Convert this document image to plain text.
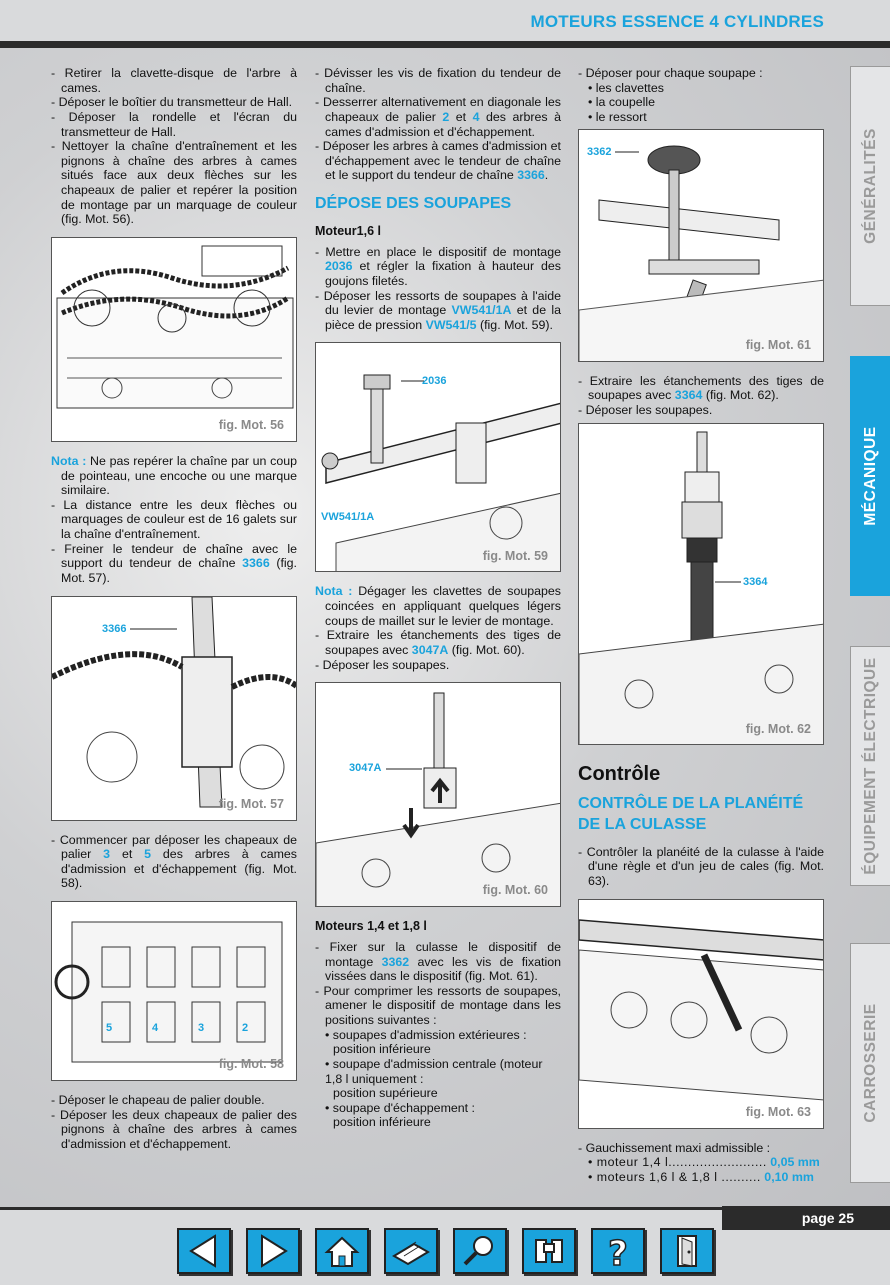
MOTEURS ESSENCE 4 CYLINDRES
GÉNÉRALITÉS
MÉCANIQUE
ÉQUIPEMENT ÉLECTRIQUE
CARROSSERIE

- Retirer la clavette-disque de l'arbre à cames.

- Déposer le boîtier du transmetteur de Hall.

- Déposer la rondelle et l'écran du transmetteur de Hall.

- Nettoyer la chaîne d'entraînement et les pignons à chaîne des arbres à cames situés face aux deux flèches sur les chapeaux de palier et repérer la position de montage par un marquage de couleur (fig. Mot. 56).

fig. Mot. 56

Nota : Ne pas repérer la chaîne par un coup de pointeau, une encoche ou une marque similaire.

- La distance entre les deux flèches ou marquages de couleur est de 16 galets sur la chaîne d'entraînement.

- Freiner le tendeur de chaîne avec le support du tendeur de chaîne 3366 (fig. Mot. 57).

3366
fig. Mot. 57

- Commencer par déposer les chapeaux de palier 3 et 5 des arbres à cames d'admission et d'échappement (fig. Mot. 58).

5	4	3	2
fig. Mot. 58

- Déposer le chapeau de palier double.

- Déposer les deux chapeaux de palier des pignons à chaîne des arbres à cames d'admission et d'échappement.

- Dévisser les vis de fixation du tendeur de chaîne.

- Desserrer alternativement en diagonale les chapeaux de palier 2 et 4 des arbres à cames d'admission et d'échappement.

- Déposer les arbres à cames d'admission et d'échappement avec le tendeur de chaîne et le support du tendeur de chaîne 3366.

DÉPOSE DES SOUPAPES
Moteur1,6 l

- Mettre en place le dispositif de montage 2036 et régler la fixation à hauteur des goujons filetés.

- Déposer les ressorts de soupapes à l'aide du levier de montage VW541/1A et de la pièce de pression VW541/5 (fig. Mot. 59).

2036
VW541/1A
fig. Mot. 59

Nota : Dégager les clavettes de soupapes coincées en appliquant quelques légers coups de maillet sur le levier de montage.

- Extraire les étanchements des tiges de soupapes avec 3047A (fig. Mot. 60).

- Déposer les soupapes.

3047A
fig. Mot. 60
Moteurs 1,4 et 1,8 l

- Fixer sur la culasse le dispositif de montage 3362 avec les vis de fixation vissées dans le dispositif (fig. Mot. 61).

- Pour comprimer les ressorts de soupapes, amener le dispositif de montage dans les positions suivantes :

• soupapes d'admission extérieures :

position inférieure

• soupape d'admission centrale (moteur 1,8 l uniquement :

position supérieure

• soupape d'échappement :

position inférieure

- Déposer pour chaque soupape :

• les clavettes

• la coupelle

• le ressort

3362
fig. Mot. 61

- Extraire les étanchements des tiges de soupapes avec 3364 (fig. Mot. 62).

- Déposer les soupapes.

3364
fig. Mot. 62
Contrôle
CONTRÔLE DE LA PLANÉITÉ
DE LA CULASSE

- Contrôler la planéité de la culasse à l'aide d'une règle et d'un jeu de cales (fig. Mot. 63).

fig. Mot. 63

- Gauchissement maxi admissible :

• moteur 1,4 l......................... 0,05 mm

• moteurs 1,6 l & 1,8 l .......... 0,10 mm

page 25
?
